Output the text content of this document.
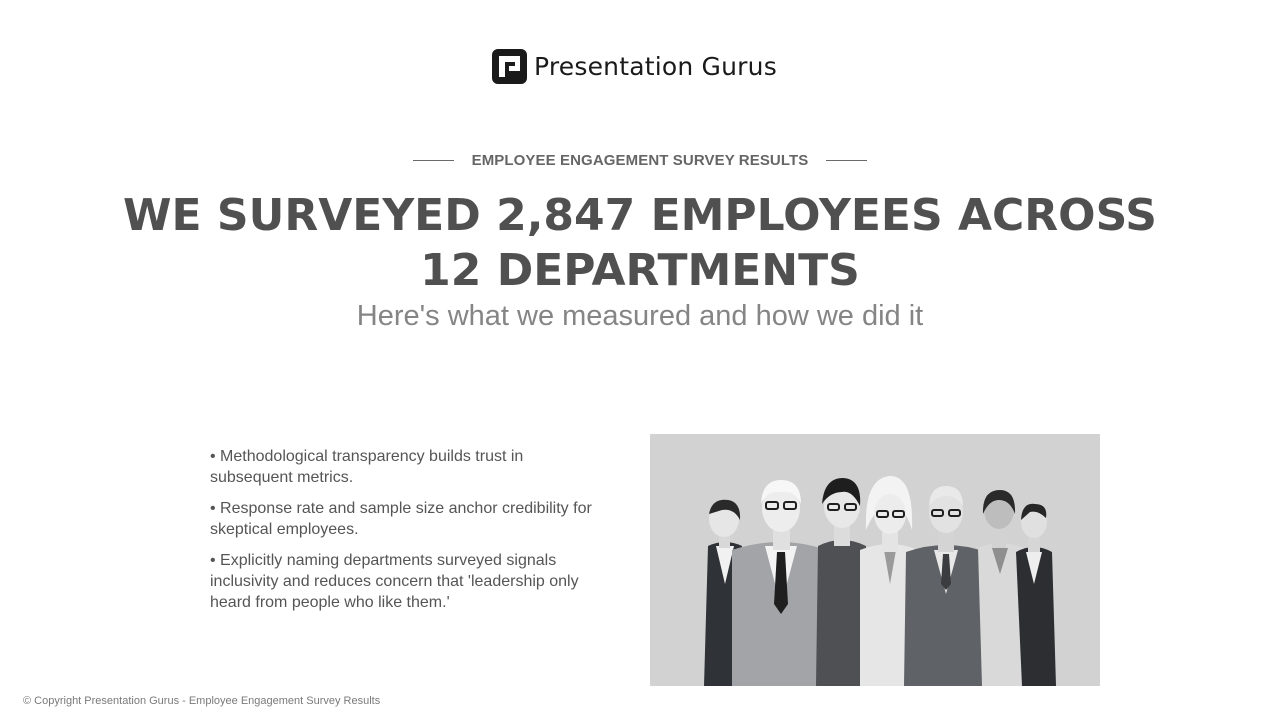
Presentation Gurus
EMPLOYEE ENGAGEMENT SURVEY RESULTS
WE SURVEYED 2,847 EMPLOYEES ACROSS 12 DEPARTMENTS

Here's what we measured and how we did it

• Methodological transparency builds trust in subsequent metrics.
• Response rate and sample size anchor credibility for skeptical employees.
• Explicitly naming departments surveyed signals inclusivity and reduces concern that 'leadership only heard from people who like them.'
© Copyright Presentation Gurus - Employee Engagement Survey Results
